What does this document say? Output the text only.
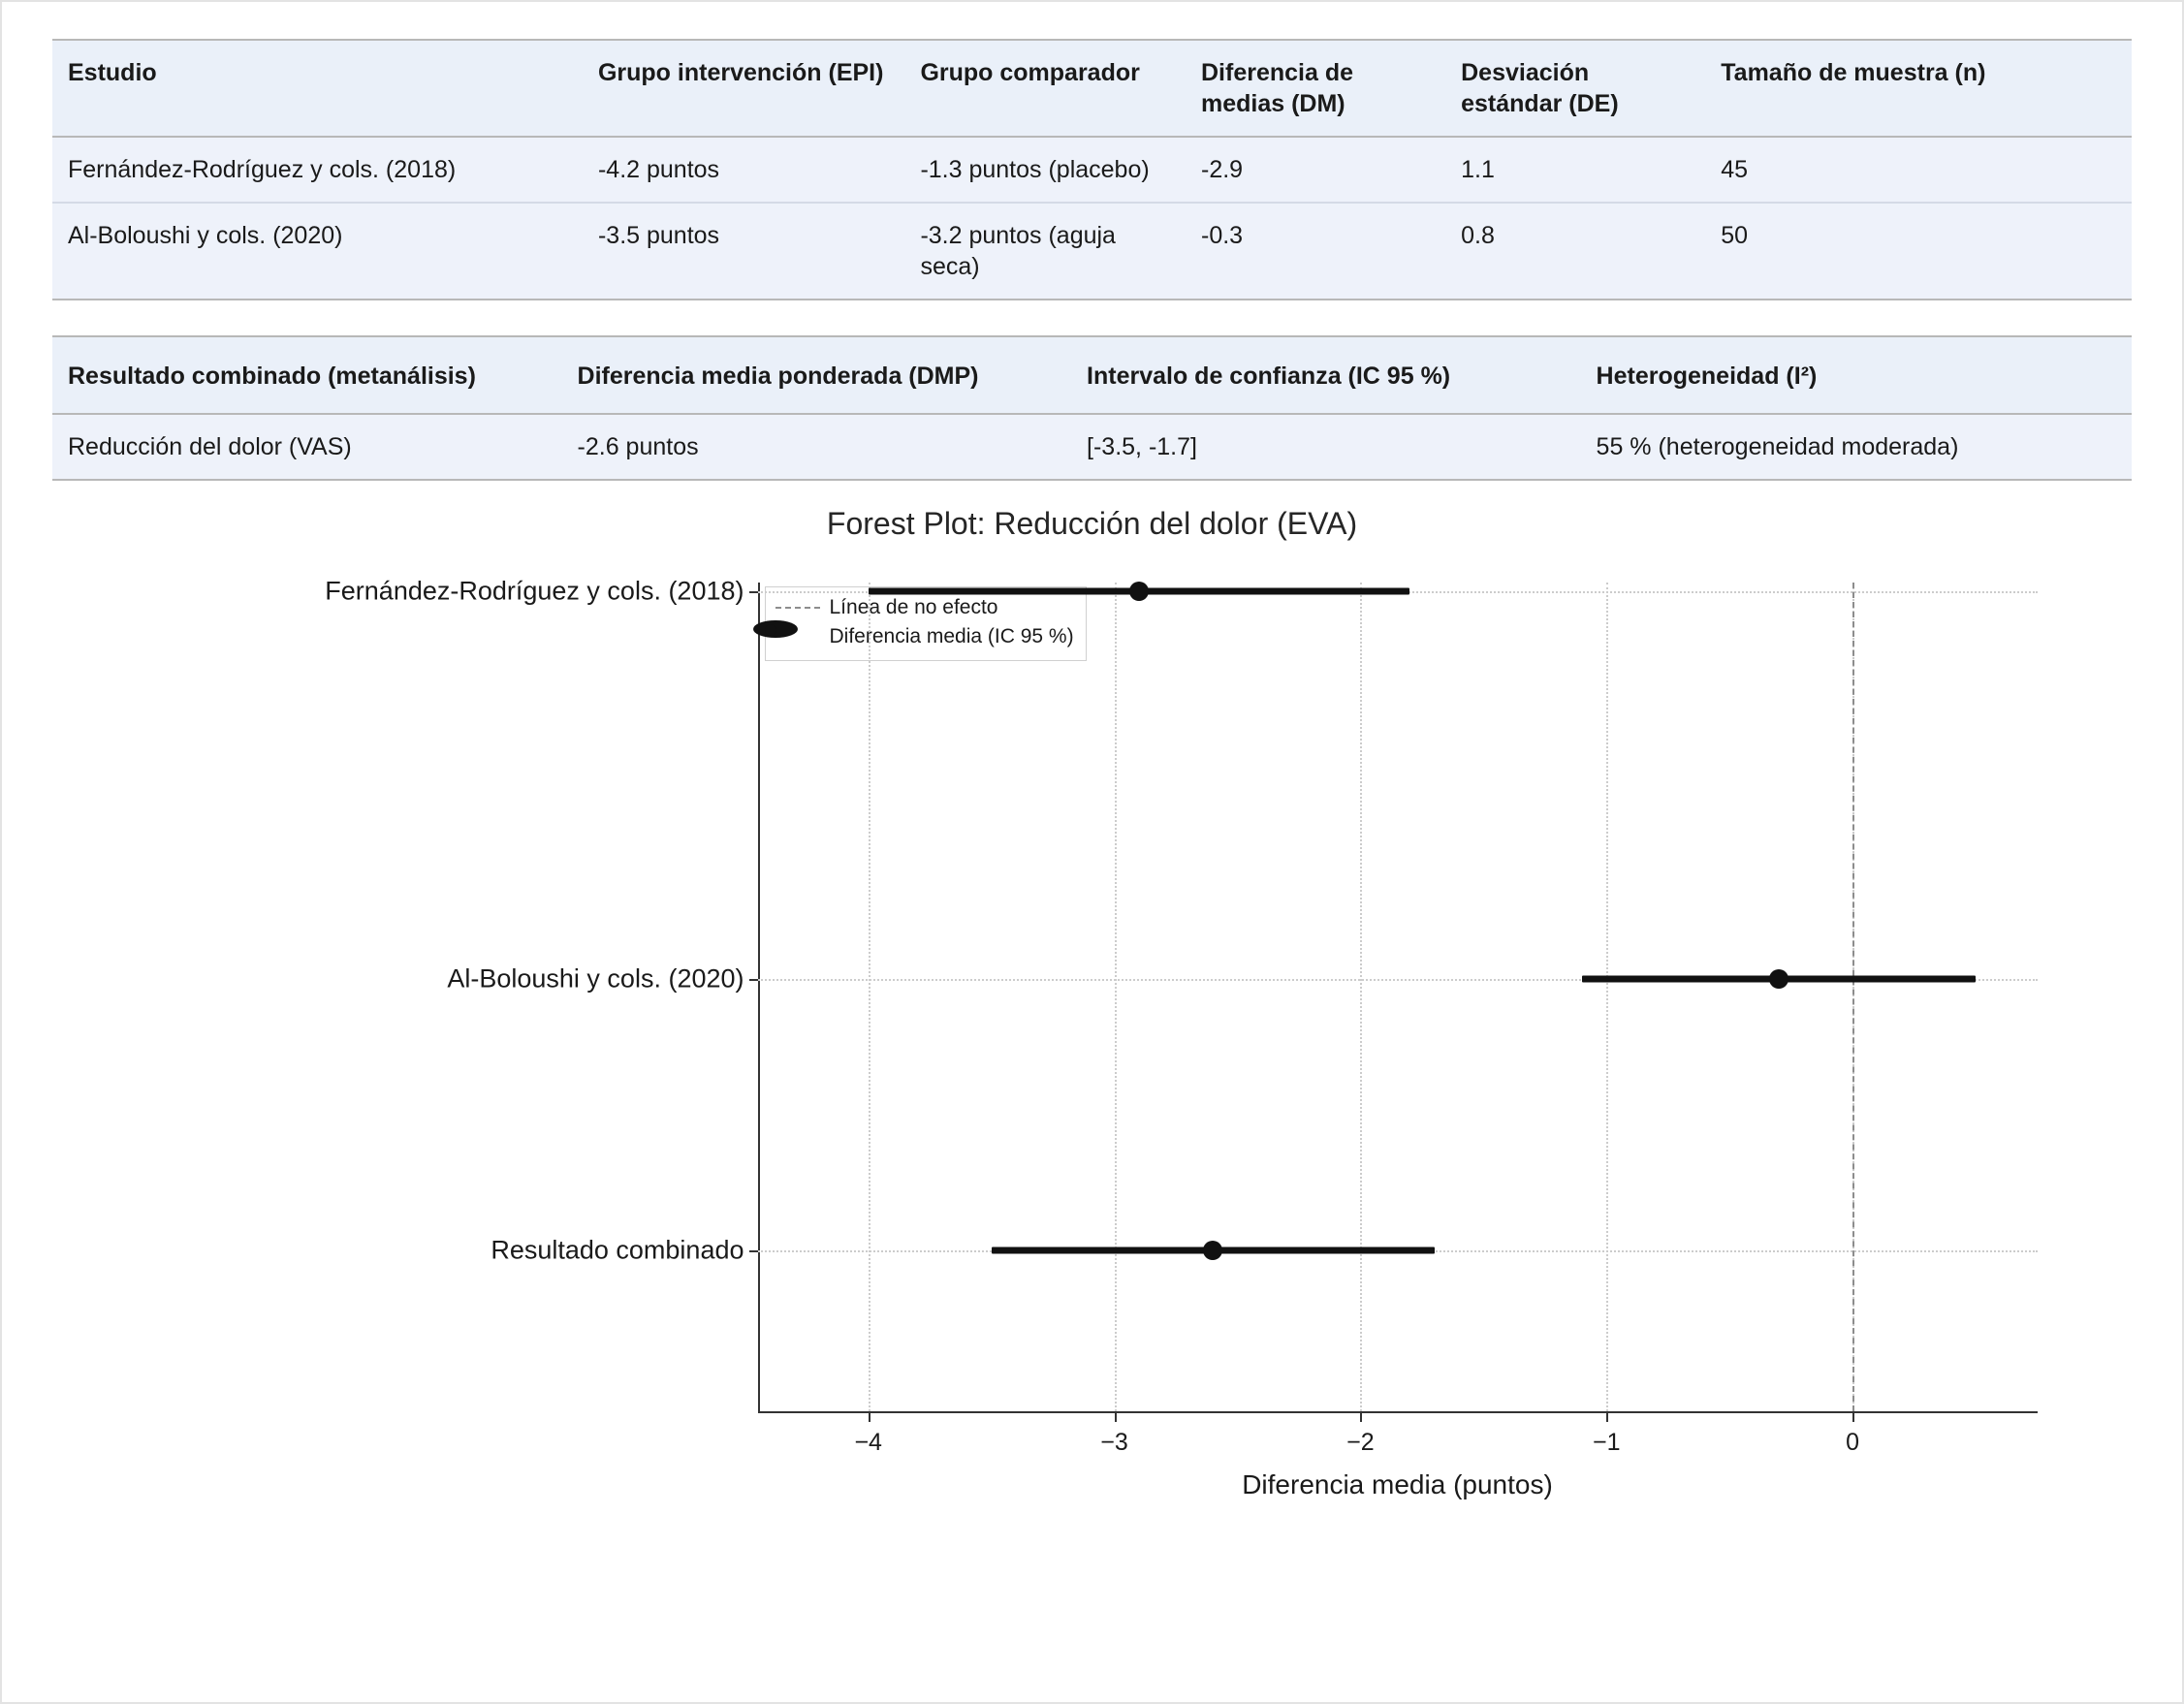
Estudio	Grupo intervención (EPI)	Grupo comparador	Diferencia de medias (DM)	Desviación estándar (DE)	Tamaño de muestra (n)
Fernández-Rodríguez y cols. (2018)	-4.2 puntos	-1.3 puntos (placebo)	-2.9	1.1	45
Al-Boloushi y cols. (2020)	-3.5 puntos	-3.2 puntos (aguja seca)	-0.3	0.8	50
Resultado combinado (metanálisis)	Diferencia media ponderada (DMP)	Intervalo de confianza (IC 95 %)	Heterogeneidad (I²)
Reducción del dolor (VAS)	-2.6 puntos	[-3.5, -1.7]	55 % (heterogeneidad moderada)
Forest Plot: Reducción del dolor (EVA)
Diferencia media (puntos)
Línea de no efecto
Diferencia media (IC 95 %)
−4	−3	−2	−1	0
Fernández-Rodríguez y cols. (2018)
Al-Boloushi y cols. (2020)
Resultado combinado
